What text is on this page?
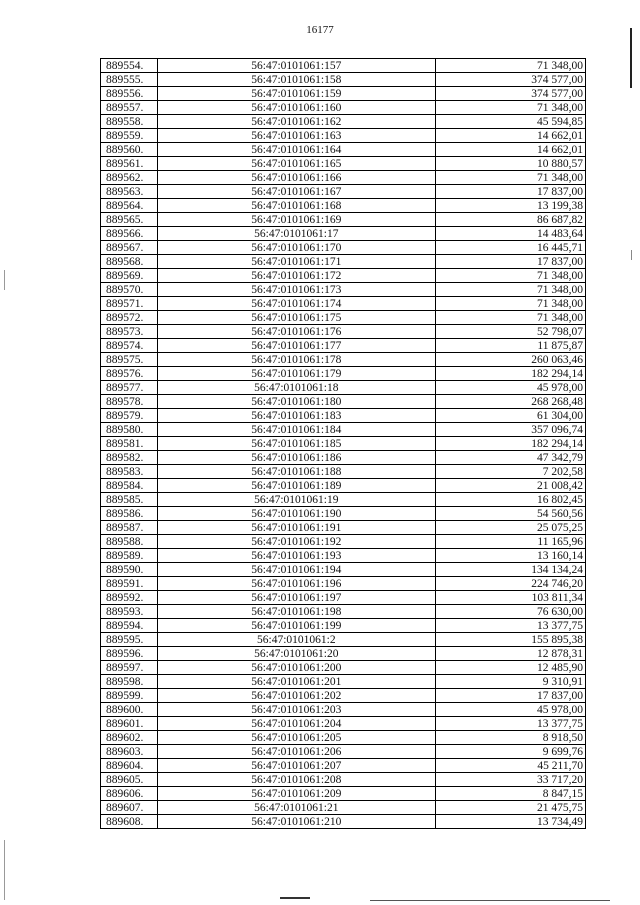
16177
889554.	56:47:0101061:157	71 348,00
889555.	56:47:0101061:158	374 577,00
889556.	56:47:0101061:159	374 577,00
889557.	56:47:0101061:160	71 348,00
889558.	56:47:0101061:162	45 594,85
889559.	56:47:0101061:163	14 662,01
889560.	56:47:0101061:164	14 662,01
889561.	56:47:0101061:165	10 880,57
889562.	56:47:0101061:166	71 348,00
889563.	56:47:0101061:167	17 837,00
889564.	56:47:0101061:168	13 199,38
889565.	56:47:0101061:169	86 687,82
889566.	56:47:0101061:17	14 483,64
889567.	56:47:0101061:170	16 445,71
889568.	56:47:0101061:171	17 837,00
889569.	56:47:0101061:172	71 348,00
889570.	56:47:0101061:173	71 348,00
889571.	56:47:0101061:174	71 348,00
889572.	56:47:0101061:175	71 348,00
889573.	56:47:0101061:176	52 798,07
889574.	56:47:0101061:177	11 875,87
889575.	56:47:0101061:178	260 063,46
889576.	56:47:0101061:179	182 294,14
889577.	56:47:0101061:18	45 978,00
889578.	56:47:0101061:180	268 268,48
889579.	56:47:0101061:183	61 304,00
889580.	56:47:0101061:184	357 096,74
889581.	56:47:0101061:185	182 294,14
889582.	56:47:0101061:186	47 342,79
889583.	56:47:0101061:188	7 202,58
889584.	56:47:0101061:189	21 008,42
889585.	56:47:0101061:19	16 802,45
889586.	56:47:0101061:190	54 560,56
889587.	56:47:0101061:191	25 075,25
889588.	56:47:0101061:192	11 165,96
889589.	56:47:0101061:193	13 160,14
889590.	56:47:0101061:194	134 134,24
889591.	56:47:0101061:196	224 746,20
889592.	56:47:0101061:197	103 811,34
889593.	56:47:0101061:198	76 630,00
889594.	56:47:0101061:199	13 377,75
889595.	56:47:0101061:2	155 895,38
889596.	56:47:0101061:20	12 878,31
889597.	56:47:0101061:200	12 485,90
889598.	56:47:0101061:201	9 310,91
889599.	56:47:0101061:202	17 837,00
889600.	56:47:0101061:203	45 978,00
889601.	56:47:0101061:204	13 377,75
889602.	56:47:0101061:205	8 918,50
889603.	56:47:0101061:206	9 699,76
889604.	56:47:0101061:207	45 211,70
889605.	56:47:0101061:208	33 717,20
889606.	56:47:0101061:209	8 847,15
889607.	56:47:0101061:21	21 475,75
889608.	56:47:0101061:210	13 734,49
